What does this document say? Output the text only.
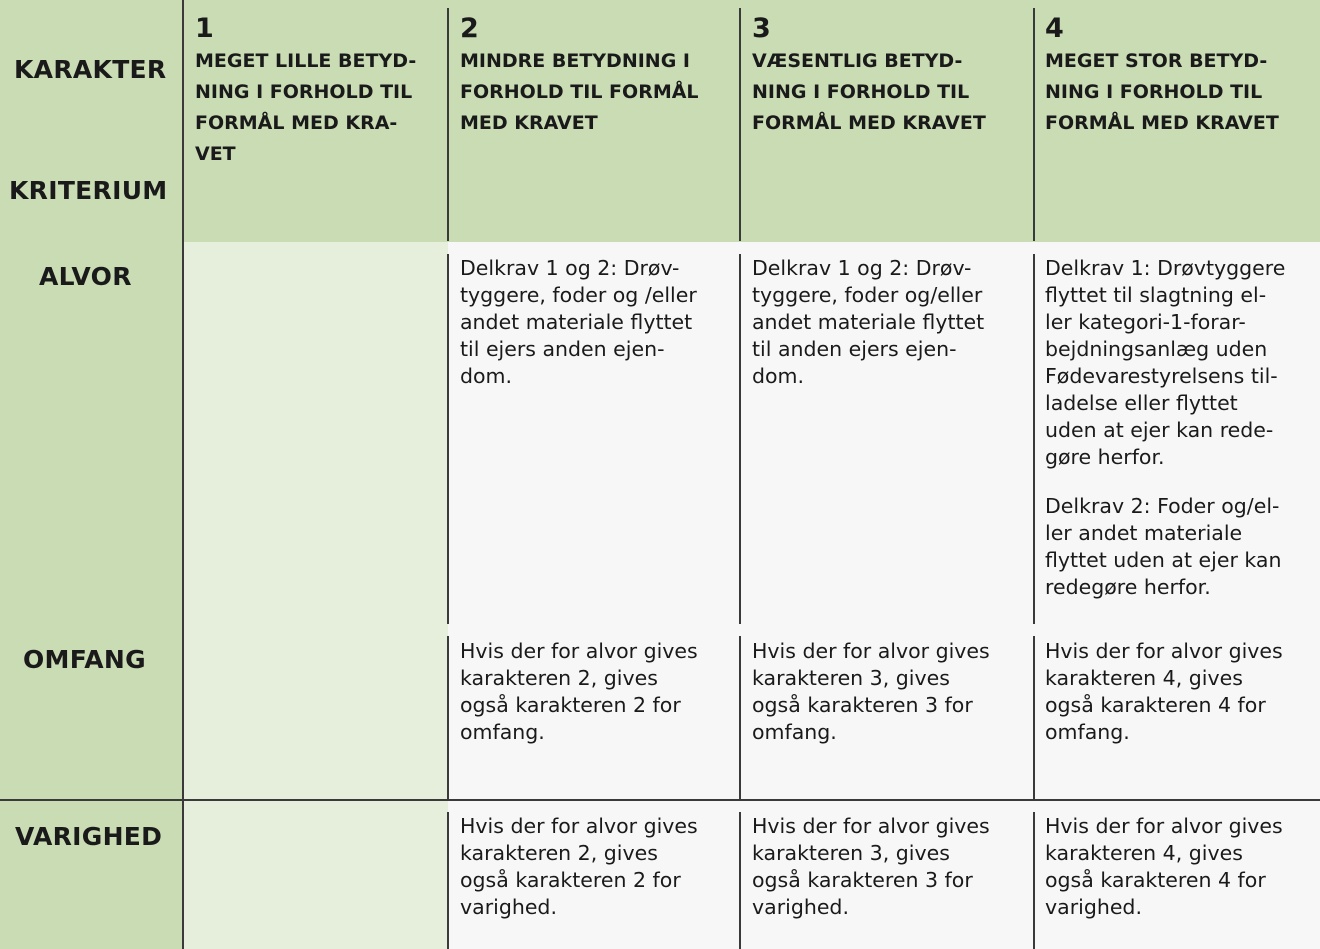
KARAKTER
KRITERIUM
ALVOR
OMFANG
VARIGHED
1
MEGET LILLE BETYD-
NING I FORHOLD TIL
FORMÅL MED KRA-
VET
2
MINDRE BETYDNING I
FORHOLD TIL FORMÅL
MED KRAVET
3
VÆSENTLIG BETYD-
NING I FORHOLD TIL
FORMÅL MED KRAVET
4
MEGET STOR BETYD-
NING I FORHOLD TIL
FORMÅL MED KRAVET
Delkrav 1 og 2: Drøv-
tyggere, foder og /eller
andet materiale flyttet
til ejers anden ejen-
dom.
Delkrav 1 og 2: Drøv-
tyggere, foder og/eller
andet materiale flyttet
til anden ejers ejen-
dom.
Delkrav 1: Drøvtyggere
flyttet til slagtning el-
ler kategori-1-forar-
bejdningsanlæg uden
Fødevarestyrelsens til-
ladelse eller flyttet
uden at ejer kan rede-
gøre herfor.
Delkrav 2: Foder og/el-
ler andet materiale
flyttet uden at ejer kan
redegøre herfor.
Hvis der for alvor gives
karakteren 2, gives
også karakteren 2 for
omfang.
Hvis der for alvor gives
karakteren 3, gives
også karakteren 3 for
omfang.
Hvis der for alvor gives
karakteren 4, gives
også karakteren 4 for
omfang.
Hvis der for alvor gives
karakteren 2, gives
også karakteren 2 for
varighed.
Hvis der for alvor gives
karakteren 3, gives
også karakteren 3 for
varighed.
Hvis der for alvor gives
karakteren 4, gives
også karakteren 4 for
varighed.
